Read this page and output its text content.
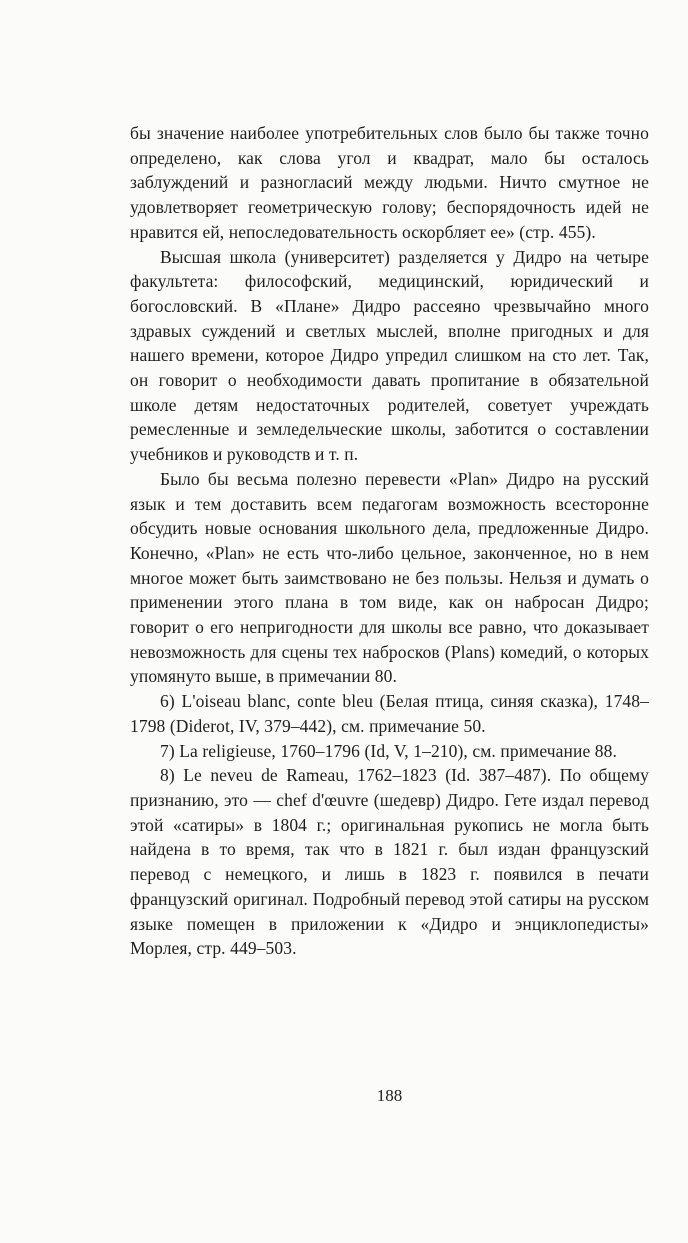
бы значение наиболее употребительных слов было бы также точно определено, как слова угол и квадрат, мало бы осталось заблуждений и разногласий между людьми. Ничто смутное не удовлетворяет геометрическую голову; беспорядочность идей не нравится ей, непоследовательность оскорбляет ее» (стр. 455).

Высшая школа (университет) разделяется у Дидро на четыре факультета: философский, медицинский, юридический и богословский. В «Плане» Дидро рассеяно чрезвычайно много здравых суждений и светлых мыслей, вполне пригодных и для нашего времени, которое Дидро упредил слишком на сто лет. Так, он говорит о необходимости давать пропитание в обязательной школе детям недостаточных родителей, советует учреждать ремесленные и земледельческие школы, заботится о составлении учебников и руководств и т. п.

Было бы весьма полезно перевести «Plan» Дидро на русский язык и тем доставить всем педагогам возможность всесторонне обсудить новые основания школьного дела, предложенные Дидро. Конечно, «Plan» не есть что-либо цельное, законченное, но в нем многое может быть заимствовано не без пользы. Нельзя и думать о применении этого плана в том виде, как он набросан Дидро; говорит о его непригодности для школы все равно, что доказывает невозможность для сцены тех набросков (Plans) комедий, о которых упомянуто выше, в примечании 80.

6) L'oiseau blanc, conte bleu (Белая птица, синяя сказка), 1748–1798 (Diderot, IV, 379–442), см. примечание 50.

7) La religieuse, 1760–1796 (Id, V, 1–210), см. примечание 88.

8) Le neveu de Rameau, 1762–1823 (Id. 387–487). По общему признанию, это — chef d'œuvre (шедевр) Дидро. Гете издал перевод этой «сатиры» в 1804 г.; оригинальная рукопись не могла быть найдена в то время, так что в 1821 г. был издан французский перевод с немецкого, и лишь в 1823 г. появился в печати французский оригинал. Подробный перевод этой сатиры на русском языке помещен в приложении к «Дидро и энциклопедисты» Морлея, стр. 449–503.

188
